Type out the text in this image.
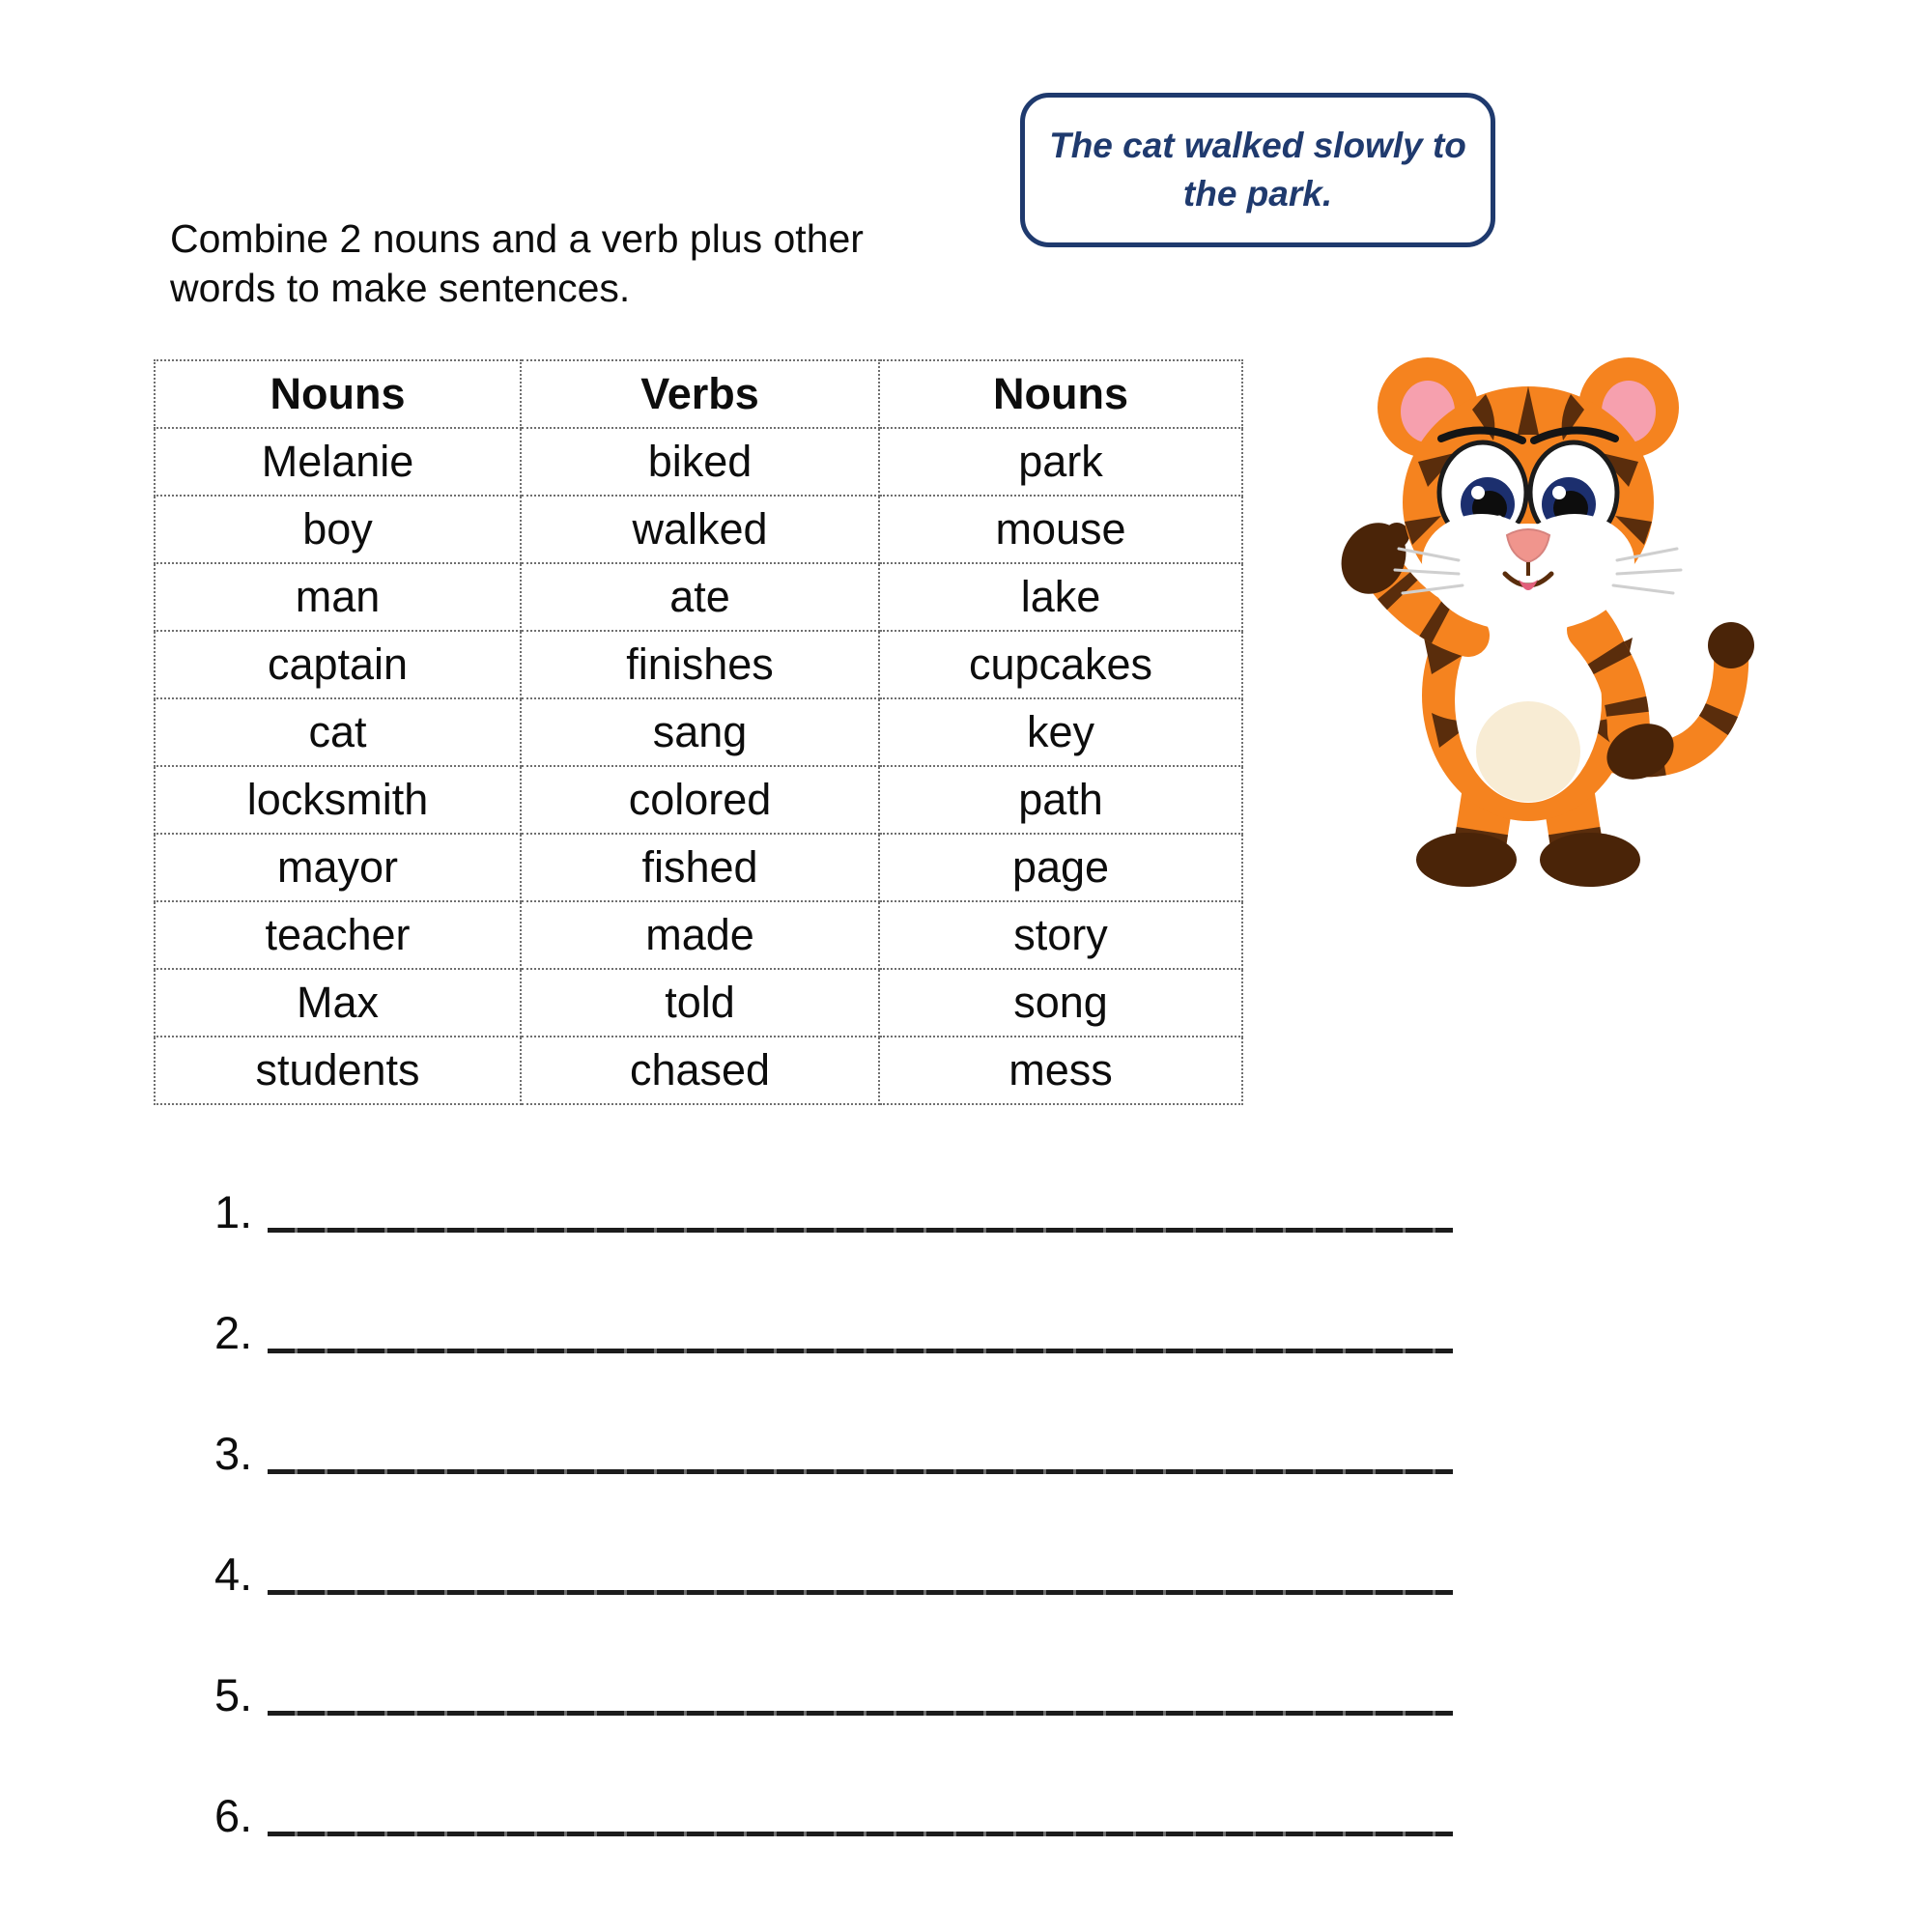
The cat walked slowly to the park.
Combine 2 nouns and a verb plus other
words to make sentences.
Nouns	Verbs	Nouns
Melanie	biked	park
boy	walked	mouse
man	ate	lake
captain	finishes	cupcakes
cat	sang	key
locksmith	colored	path
mayor	fished	page
teacher	made	story
Max	told	song
students	chased	mess
1.
2.
3.
4.
5.
6.
